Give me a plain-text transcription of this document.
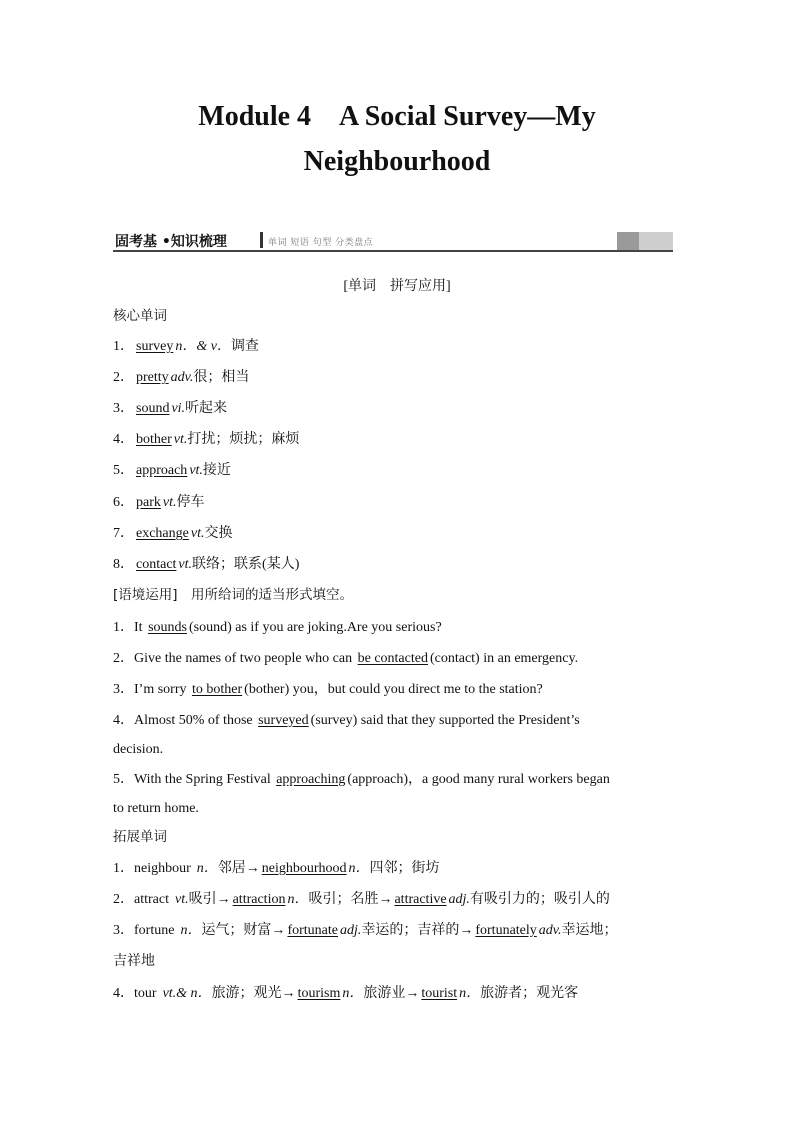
Module 4　A Social Survey—My
Neighbourhood
固考基 •知识梳理	单词 短语 句型 分类盘点
[单词　拼写应用]
核心单词
1． survey n．& v．调查
2． pretty adv.很；相当
3． sound vi.听起来
4． bother vt.打扰；烦扰；麻烦
5． approach vt.接近
6． park vt.停车
7． exchange vt.交换
8． contact vt.联络；联系(某人)
[语境运用]　用所给词的适当形式填空。
1．It sounds (sound) as if you are joking.Are you serious?
2．Give the names of two people who can be contacted (contact) in an emergency.
3．I’m sorry to bother (bother) you，but could you direct me to the station?
4．Almost 50% of those surveyed (survey) said that they supported the President’s
decision.
5．With the Spring Festival approaching (approach)，a good many rural workers began
to return home.
拓展单词
1．neighbour n．邻居→ neighbourhood n．四邻；街坊
2．attract vt.吸引→ attraction n．吸引；名胜→ attractive adj.有吸引力的；吸引人的
3．fortune n．运气；财富→ fortunate adj.幸运的；吉祥的→ fortunately adv.幸运地；
吉祥地
4．tour vt.& n．旅游；观光→ tourism n．旅游业→ tourist n．旅游者；观光客
